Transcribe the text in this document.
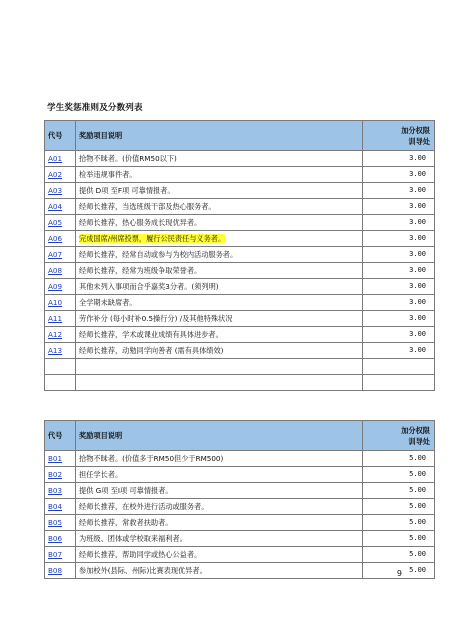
学生奖惩准则及分数列表
代号	奖励项目说明	加分权限
训导处

A01	拾物不昧者。(价值RM50以下)	3.00
A02	检举违规事件者。	3.00
A03	提供 D项 至F项 可靠情报者。	3.00
A04	经师长推荐，当选班级干部及热心服务者。	3.00
A05	经师长推荐，热心服务成长现优异者。	3.00
A06	完成国席/州席投票，履行公民责任与义务者。	3.00
A07	经师长推荐，经常自动或参与为校内活动服务者。	3.00
A08	经师长推荐，经常为班级争取荣誉者。	3.00
A09	其他未列入事项而合乎嘉奖3分者。(须列明)	3.00
A10	全学期未缺席者。	3.00
A11	劳作补分 (每小时补0.5操行分) /及其他特殊状况	3.00
A12	经师长推荐，学术或课业成绩有具体进步者。	3.00
A13	经师长推荐，动勉同学向善者 (需有具体绩效)	3.00

代号	奖励项目说明	加分权限
训导处

B01	拾物不昧者。(价值多于RM50但少于RM500)	5.00
B02	担任学长者。	5.00
B03	提供 G项 至I项 可靠情报者。	5.00
B04	经师长推荐，在校外进行活动或服务者。	5.00
B05	经师长推荐，常救者扶助者。	5.00
B06	为班级、团体或学校取来福利者。	5.00
B07	经师长推荐，帮助同学或热心公益者。	5.00
B08	参加校外(县际、州际)比赛表现优异者。	5.00
9
